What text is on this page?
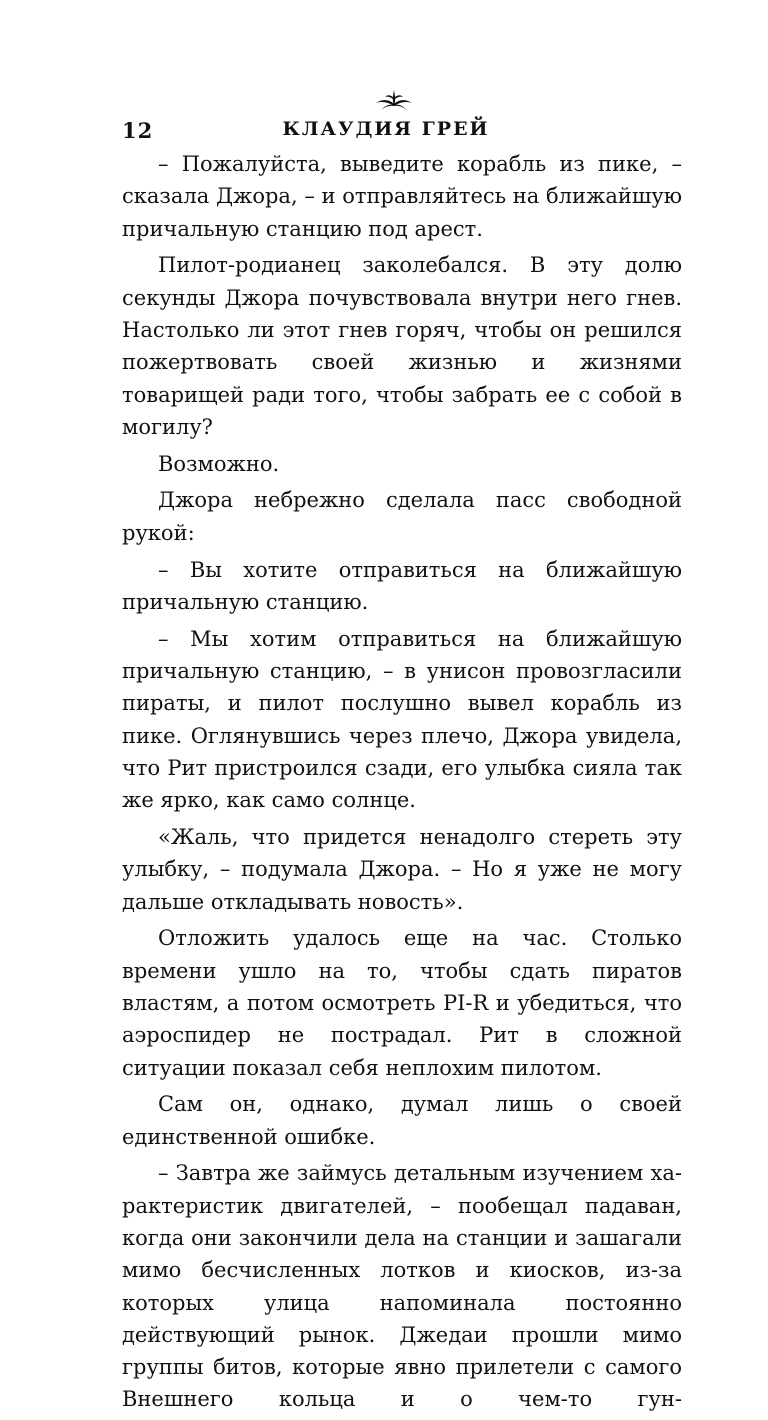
12	КЛАУДИЯ ГРЕЙ

– Пожалуйста, выведите корабль из пике, – сказала Джора, – и отправляйтесь на ближайшую причальную станцию под арест.

Пилот-родианец заколебался. В эту долю секунды Джора почувствовала внутри него гнев. Настолько ли этот гнев горяч, чтобы он решился пожертвовать своей жизнью и жизнями товарищей ради того, чтобы забрать ее с собой в могилу?

Возможно.

Джора небрежно сделала пасс свободной рукой:

– Вы хотите отправиться на ближайшую причальную станцию.

– Мы хотим отправиться на ближайшую причальную станцию, – в унисон провозгласили пираты, и пилот послушно вывел корабль из пике. Оглянувшись через плечо, Джора увидела, что Рит пристроился сзади, его улыбка сияла так же ярко, как само солнце.

«Жаль, что придется ненадолго стереть эту улыбку, – подумала Джора. – Но я уже не могу дальше откладывать новость».

Отложить удалось еще на час. Столько времени ушло на то, чтобы сдать пиратов властям, а потом осмотреть PI-R и убедиться, что аэроспидер не пострадал. Рит в сложной ситуации показал себя неплохим пилотом.

Сам он, однако, думал лишь о своей единственной ошибке.

– Завтра же займусь детальным изучением характеристик двигателей, – пообещал падаван, когда они закончили дела на станции и зашагали мимо бесчисленных лотков и киосков, из-за которых улица напоминала постоянно действующий рынок. Джедаи прошли мимо группы битов, которые явно прилетели с самого Внешнего кольца и о чем-то гун-
